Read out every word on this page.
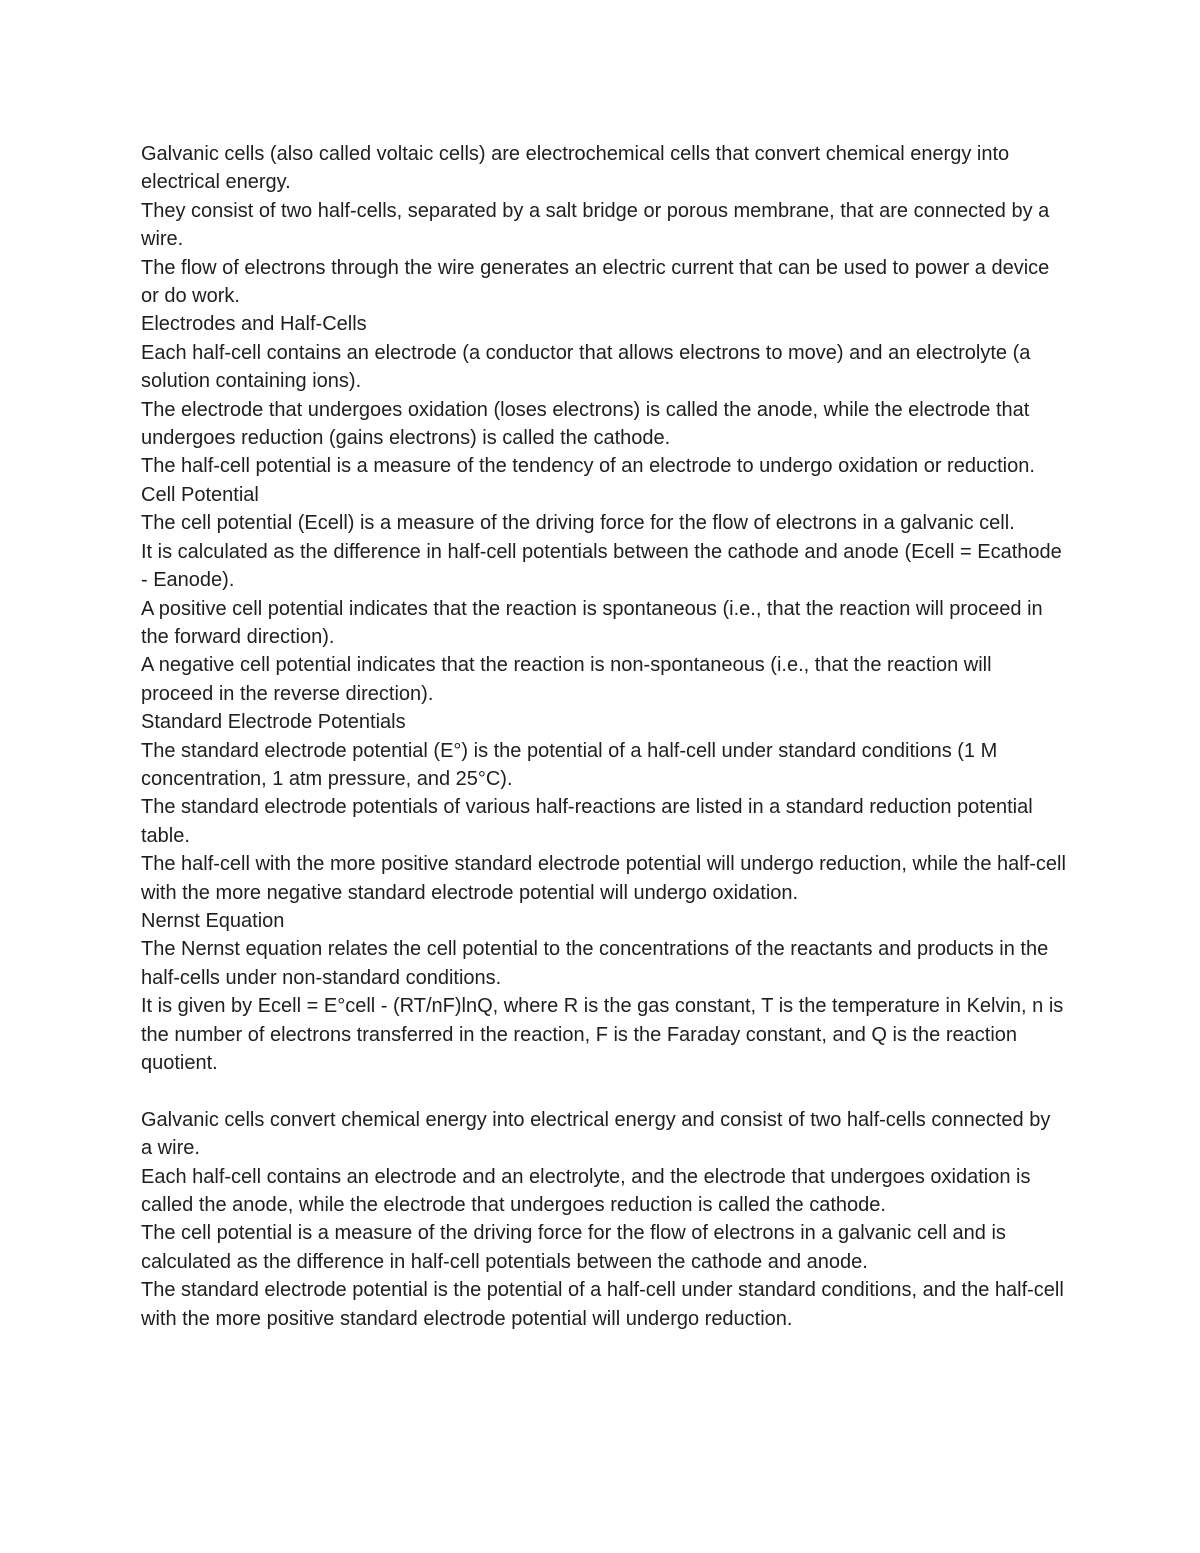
Galvanic cells (also called voltaic cells) are electrochemical cells that convert chemical energy into electrical energy.

They consist of two half-cells, separated by a salt bridge or porous membrane, that are connected by a wire.

The flow of electrons through the wire generates an electric current that can be used to power a device or do work.

Electrodes and Half-Cells

Each half-cell contains an electrode (a conductor that allows electrons to move) and an electrolyte (a solution containing ions).

The electrode that undergoes oxidation (loses electrons) is called the anode, while the electrode that undergoes reduction (gains electrons) is called the cathode.

The half-cell potential is a measure of the tendency of an electrode to undergo oxidation or reduction.

Cell Potential

The cell potential (Ecell) is a measure of the driving force for the flow of electrons in a galvanic cell.

It is calculated as the difference in half-cell potentials between the cathode and anode (Ecell = Ecathode - Eanode).

A positive cell potential indicates that the reaction is spontaneous (i.e., that the reaction will proceed in the forward direction).

A negative cell potential indicates that the reaction is non-spontaneous (i.e., that the reaction will proceed in the reverse direction).

Standard Electrode Potentials

The standard electrode potential (E°) is the potential of a half-cell under standard conditions (1 M concentration, 1 atm pressure, and 25°C).

The standard electrode potentials of various half-reactions are listed in a standard reduction potential table.

The half-cell with the more positive standard electrode potential will undergo reduction, while the half-cell with the more negative standard electrode potential will undergo oxidation.

Nernst Equation

The Nernst equation relates the cell potential to the concentrations of the reactants and products in the half-cells under non-standard conditions.

It is given by Ecell = E°cell - (RT/nF)lnQ, where R is the gas constant, T is the temperature in Kelvin, n is the number of electrons transferred in the reaction, F is the Faraday constant, and Q is the reaction quotient.

Galvanic cells convert chemical energy into electrical energy and consist of two half-cells connected by a wire.

Each half-cell contains an electrode and an electrolyte, and the electrode that undergoes oxidation is called the anode, while the electrode that undergoes reduction is called the cathode.

The cell potential is a measure of the driving force for the flow of electrons in a galvanic cell and is calculated as the difference in half-cell potentials between the cathode and anode.

The standard electrode potential is the potential of a half-cell under standard conditions, and the half-cell with the more positive standard electrode potential will undergo reduction.
